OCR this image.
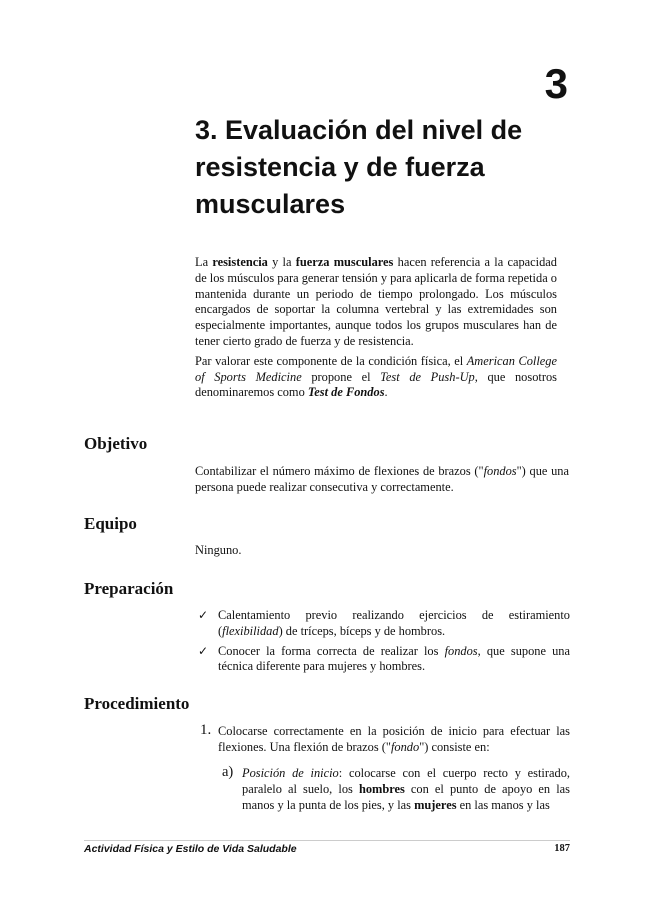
3
3. Evaluación del nivel de resistencia y de fuerza musculares

La resistencia y la fuerza musculares hacen referencia a la capacidad de los músculos para generar tensión y para aplicarla de forma repetida o mantenida durante un periodo de tiempo prolongado. Los músculos encargados de soportar la columna vertebral y las extremidades son especialmente importantes, aunque todos los grupos musculares han de tener cierto grado de fuerza y de resistencia.

Par valorar este componente de la condición física, el American College of Sports Medicine propone el Test de Push-Up, que nosotros denominaremos como Test de Fondos.

Objetivo

Contabilizar el número máximo de flexiones de brazos ("fondos") que una persona puede realizar consecutiva y correctamente.

Equipo

Ninguno.

Preparación
✓ Calentamiento previo realizando ejercicios de estiramiento (flexibilidad) de tríceps, bíceps y de hombros.
✓ Conocer la forma correcta de realizar los fondos, que supone una técnica diferente para mujeres y hombres.
Procedimiento
1. Colocarse correctamente en la posición de inicio para efectuar las flexiones. Una flexión de brazos ("fondo") consiste en:
a) Posición de inicio: colocarse con el cuerpo recto y estirado, paralelo al suelo, los hombres con el punto de apoyo en las manos y la punta de los pies, y las mujeres en las manos y las
Actividad Física y Estilo de Vida Saludable	187
